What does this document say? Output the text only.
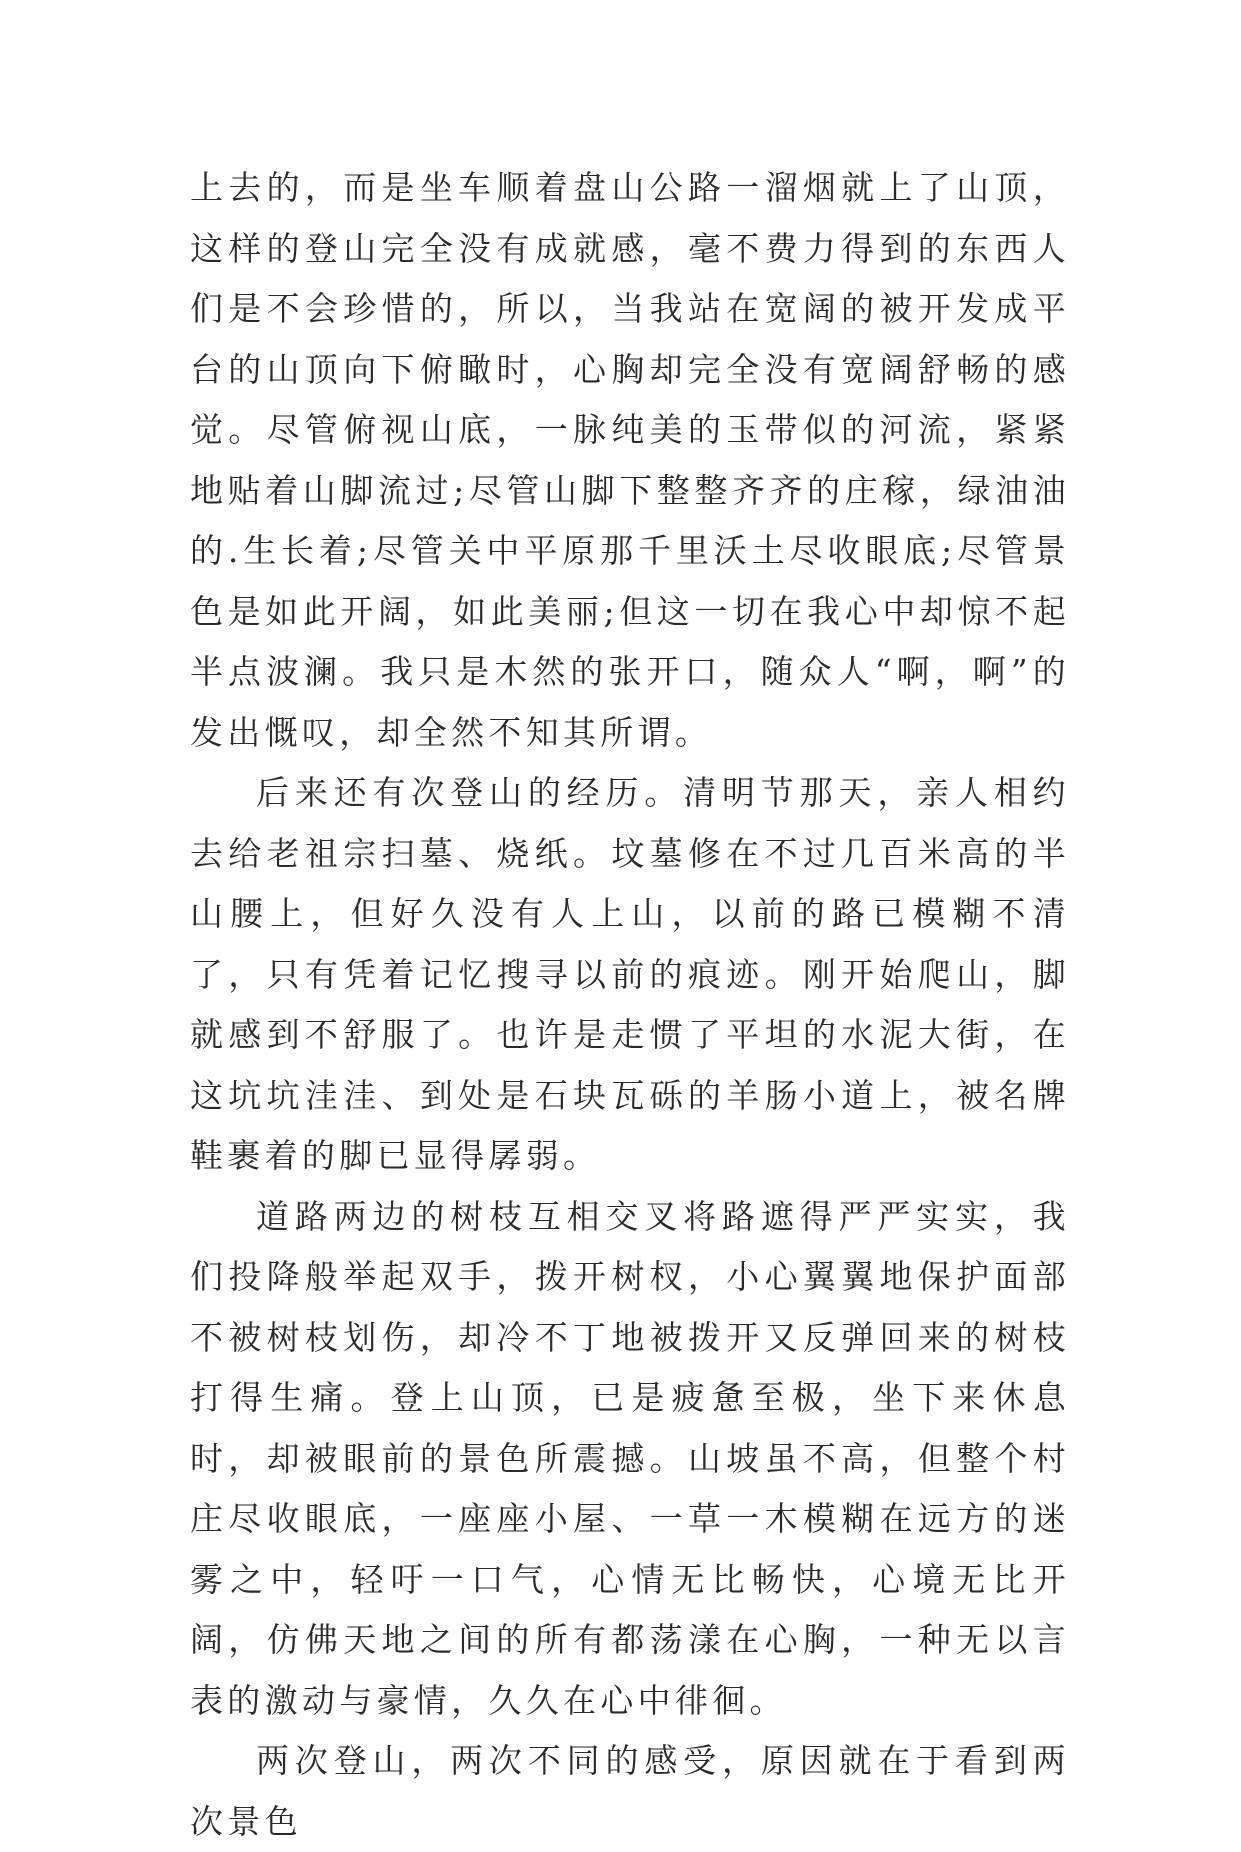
上去的，而是坐车顺着盘山公路一溜烟就上了山顶，这样的登山完全没有成就感，毫不费力得到的东西人们是不会珍惜的，所以，当我站在宽阔的被开发成平台的山顶向下俯瞰时，心胸却完全没有宽阔舒畅的感觉。尽管俯视山底，一脉纯美的玉带似的河流，紧紧地贴着山脚流过;尽管山脚下整整齐齐的庄稼，绿油油的.生长着;尽管关中平原那千里沃土尽收眼底;尽管景色是如此开阔，如此美丽;但这一切在我心中却惊不起半点波澜。我只是木然的张开口，随众人“啊，啊”的发出慨叹，却全然不知其所谓。

后来还有次登山的经历。清明节那天，亲人相约去给老祖宗扫墓、烧纸。坟墓修在不过几百米高的半山腰上，但好久没有人上山，以前的路已模糊不清了，只有凭着记忆搜寻以前的痕迹。刚开始爬山，脚就感到不舒服了。也许是走惯了平坦的水泥大街，在这坑坑洼洼、到处是石块瓦砾的羊肠小道上，被名牌鞋裹着的脚已显得孱弱。

道路两边的树枝互相交叉将路遮得严严实实，我们投降般举起双手，拨开树杈，小心翼翼地保护面部不被树枝划伤，却冷不丁地被拨开又反弹回来的树枝打得生痛。登上山顶，已是疲惫至极，坐下来休息时，却被眼前的景色所震撼。山坡虽不高，但整个村庄尽收眼底，一座座小屋、一草一木模糊在远方的迷雾之中，轻吁一口气，心情无比畅快，心境无比开阔，仿佛天地之间的所有都荡漾在心胸，一种无以言表的激动与豪情，久久在心中徘徊。

两次登山，两次不同的感受，原因就在于看到两次景色
